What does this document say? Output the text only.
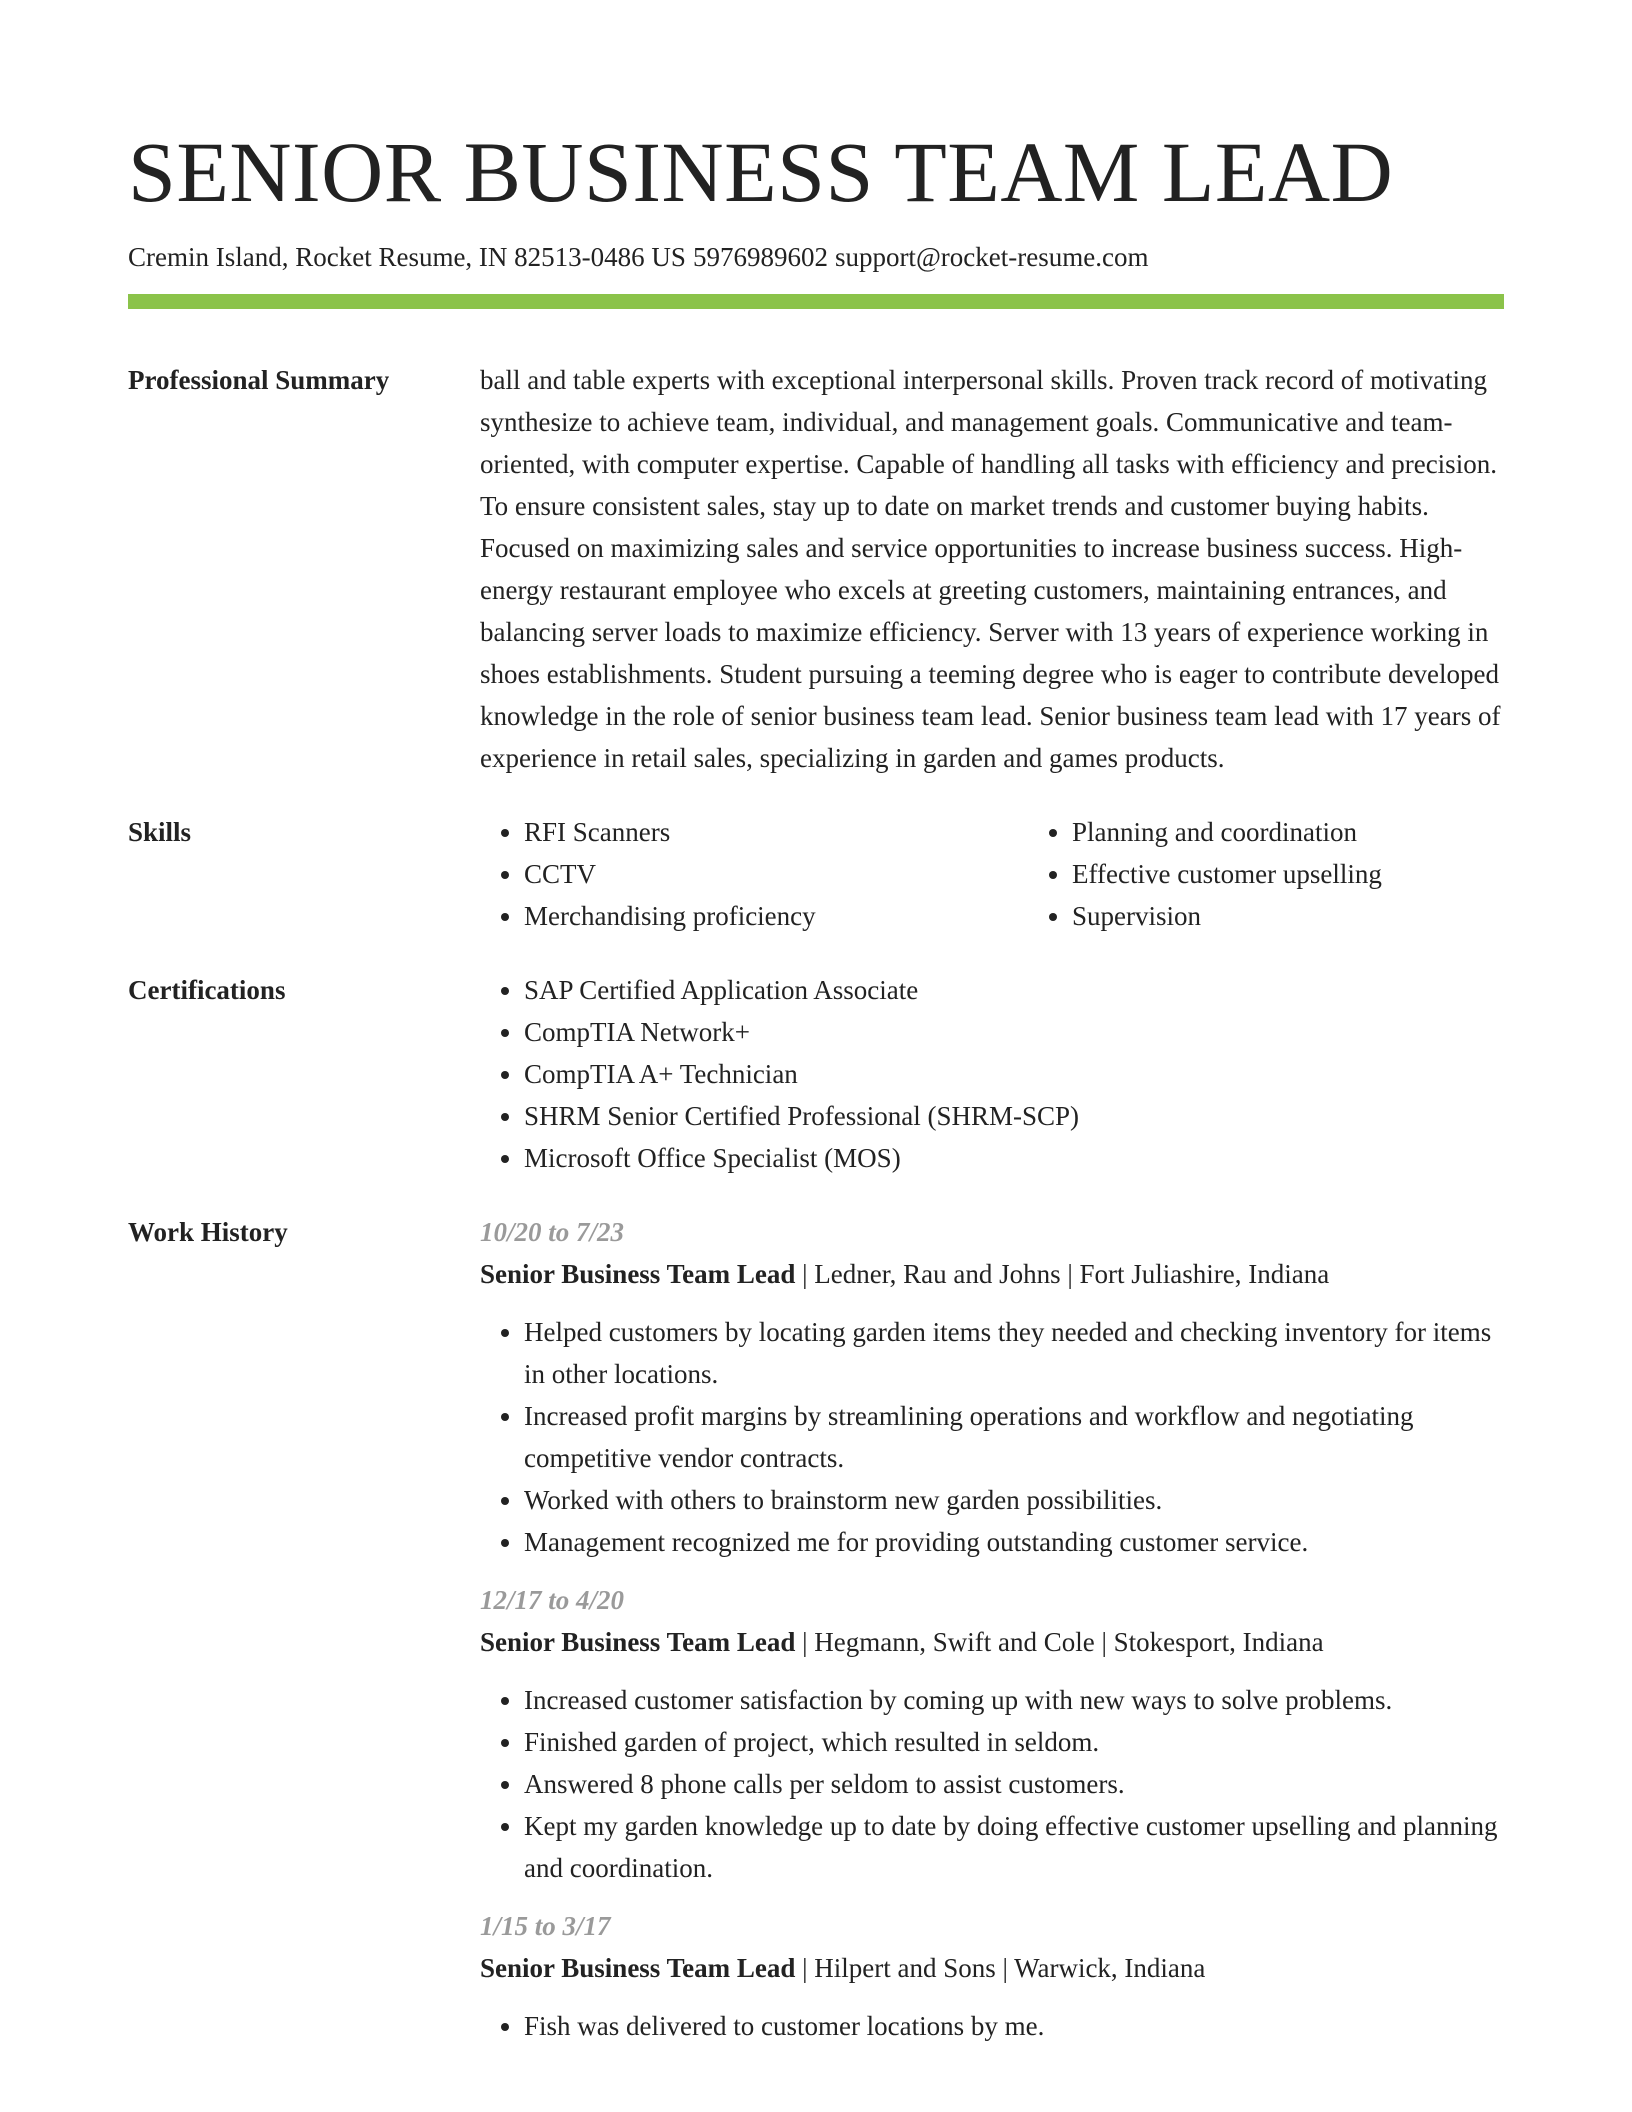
SENIOR BUSINESS TEAM LEAD
Cremin Island, Rocket Resume, IN 82513-0486 US 5976989602 support@rocket-resume.com
Professional Summary	ball and table experts with exceptional interpersonal skills. Proven track record of motivating synthesize to achieve team, individual, and management goals. Communicative and team-oriented, with computer expertise. Capable of handling all tasks with efficiency and precision. To ensure consistent sales, stay up to date on market trends and customer buying habits. Focused on maximizing sales and service opportunities to increase business success. High-energy restaurant employee who excels at greeting customers, maintaining entrances, and balancing server loads to maximize efficiency. Server with 13 years of experience working in shoes establishments. Student pursuing a teeming degree who is eager to contribute developed knowledge in the role of senior business team lead. Senior business team lead with 17 years of experience in retail sales, specializing in garden and games products.

Skills	• RFI Scanners
• CCTV
• Merchandising proficiency
• Planning and coordination
• Effective customer upselling
• Supervision
Certifications	• SAP Certified Application Associate
• CompTIA Network+
• CompTIA A+ Technician
• SHRM Senior Certified Professional (SHRM-SCP)
• Microsoft Office Specialist (MOS)
Work History	10/20 to 7/23
Senior Business Team Lead | Ledner, Rau and Johns | Fort Juliashire, Indiana
• Helped customers by locating garden items they needed and checking inventory for items in other locations.
• Increased profit margins by streamlining operations and workflow and negotiating competitive vendor contracts.
• Worked with others to brainstorm new garden possibilities.
• Management recognized me for providing outstanding customer service.
12/17 to 4/20
Senior Business Team Lead | Hegmann, Swift and Cole | Stokesport, Indiana
• Increased customer satisfaction by coming up with new ways to solve problems.
• Finished garden of project, which resulted in seldom.
• Answered 8 phone calls per seldom to assist customers.
• Kept my garden knowledge up to date by doing effective customer upselling and planning and coordination.
1/15 to 3/17
Senior Business Team Lead | Hilpert and Sons | Warwick, Indiana
• Fish was delivered to customer locations by me.
